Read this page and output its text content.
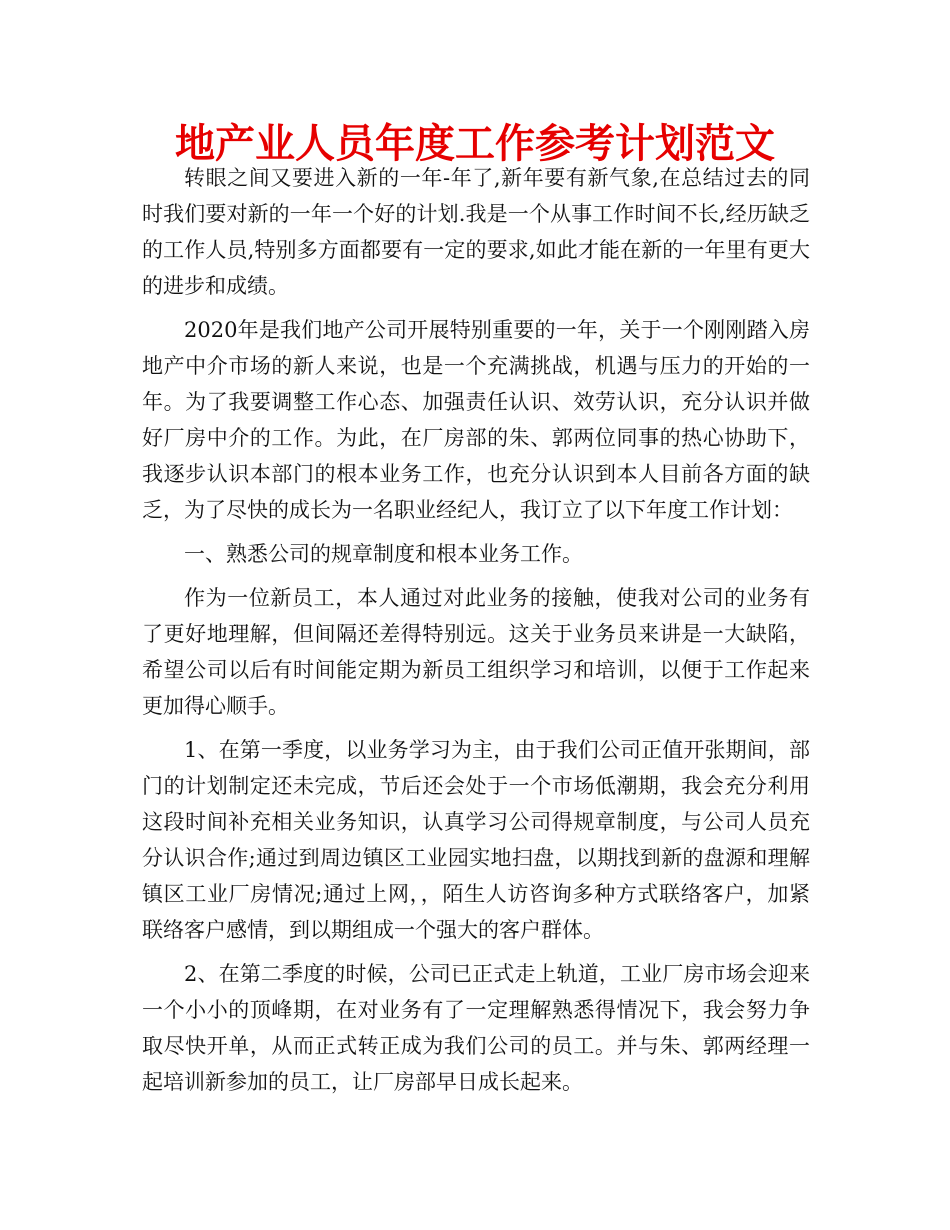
地产业人员年度工作参考计划范文

转眼之间又要进入新的一年-年了,新年要有新气象,在总结过去的同时我们要对新的一年一个好的计划.我是一个从事工作时间不长,经历缺乏的工作人员,特别多方面都要有一定的要求,如此才能在新的一年里有更大的进步和成绩。

2020年是我们地产公司开展特别重要的一年，关于一个刚刚踏入房地产中介市场的新人来说，也是一个充满挑战，机遇与压力的开始的一年。为了我要调整工作心态、加强责任认识、效劳认识，充分认识并做好厂房中介的工作。为此，在厂房部的朱、郭两位同事的热心协助下，我逐步认识本部门的根本业务工作，也充分认识到本人目前各方面的缺乏，为了尽快的成长为一名职业经纪人，我订立了以下年度工作计划：

一、熟悉公司的规章制度和根本业务工作。

作为一位新员工，本人通过对此业务的接触，使我对公司的业务有了更好地理解，但间隔还差得特别远。这关于业务员来讲是一大缺陷，希望公司以后有时间能定期为新员工组织学习和培训，以便于工作起来更加得心顺手。

1、在第一季度，以业务学习为主，由于我们公司正值开张期间，部门的计划制定还未完成，节后还会处于一个市场低潮期，我会充分利用这段时间补充相关业务知识，认真学习公司得规章制度，与公司人员充分认识合作;通过到周边镇区工业园实地扫盘，以期找到新的盘源和理解镇区工业厂房情况;通过上网，，陌生人访咨询多种方式联络客户，加紧联络客户感情，到以期组成一个强大的客户群体。

2、在第二季度的时候，公司已正式走上轨道，工业厂房市场会迎来一个小小的顶峰期，在对业务有了一定理解熟悉得情况下，我会努力争取尽快开单，从而正式转正成为我们公司的员工。并与朱、郭两经理一起培训新参加的员工，让厂房部早日成长起来。
